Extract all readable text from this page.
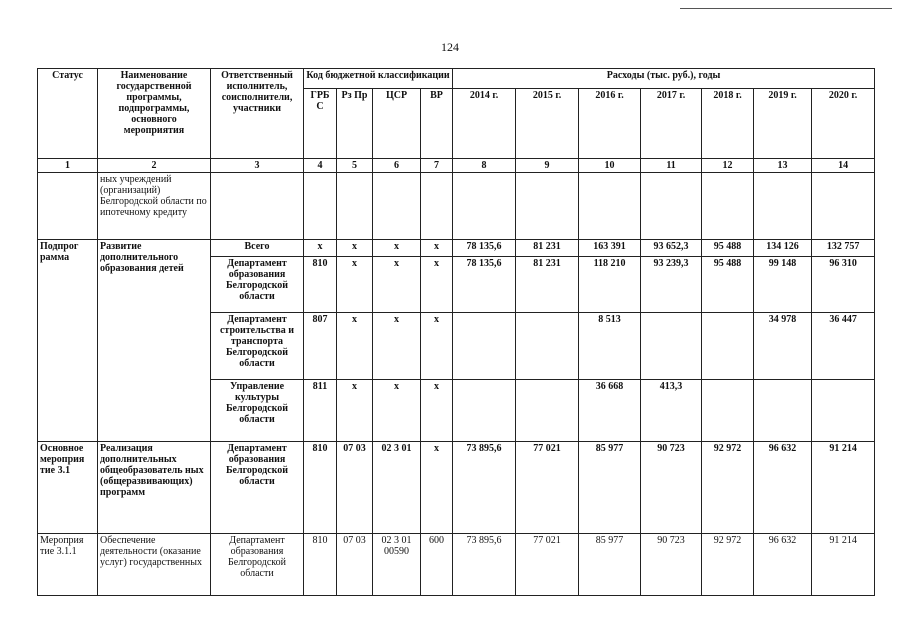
124
Статус	Наименование государственной программы, подпрограммы, основного мероприятия	Ответственный исполнитель, соисполнители, участники	Код бюджетной классификации				Расходы (тыс. руб.), годы						
			ГРБ С	Рз Пр	ЦСР	ВР	2014 г.	2015 г.	2016 г.	2017 г.	2018 г.	2019 г.	2020 г.
1	2	3	4	5	6	7	8	9	10	11	12	13	14
	ных учреждений (организаций) Белгородской области по ипотечному кредиту												
Подпрог рамма	Развитие дополнительного образования детей	Всего	x	x	x	x	78 135,6	81 231	163 391	93 652,3	95 488	134 126	132 757
		Департамент образования Белгородской области	810	x	x	x	78 135,6	81 231	118 210	93 239,3	95 488	99 148	96 310
		Департамент строительства и транспорта Белгородской области	807	x	x	x			8 513			34 978	36 447
		Управление культуры Белгородской области	811	x	x	x			36 668	413,3			
Основное мероприя тие 3.1	Реализация дополнительных общеобразователь ных (общеразвивающих) программ	Департамент образования Белгородской области	810	07 03	02 3 01	x	73 895,6	77 021	85 977	90 723	92 972	96 632	91 214
Мероприя тие 3.1.1	Обеспечение деятельности (оказание услуг) государственных	Департамент образования Белгородской области	810	07 03	02 3 01 00590	600	73 895,6	77 021	85 977	90 723	92 972	96 632	91 214
